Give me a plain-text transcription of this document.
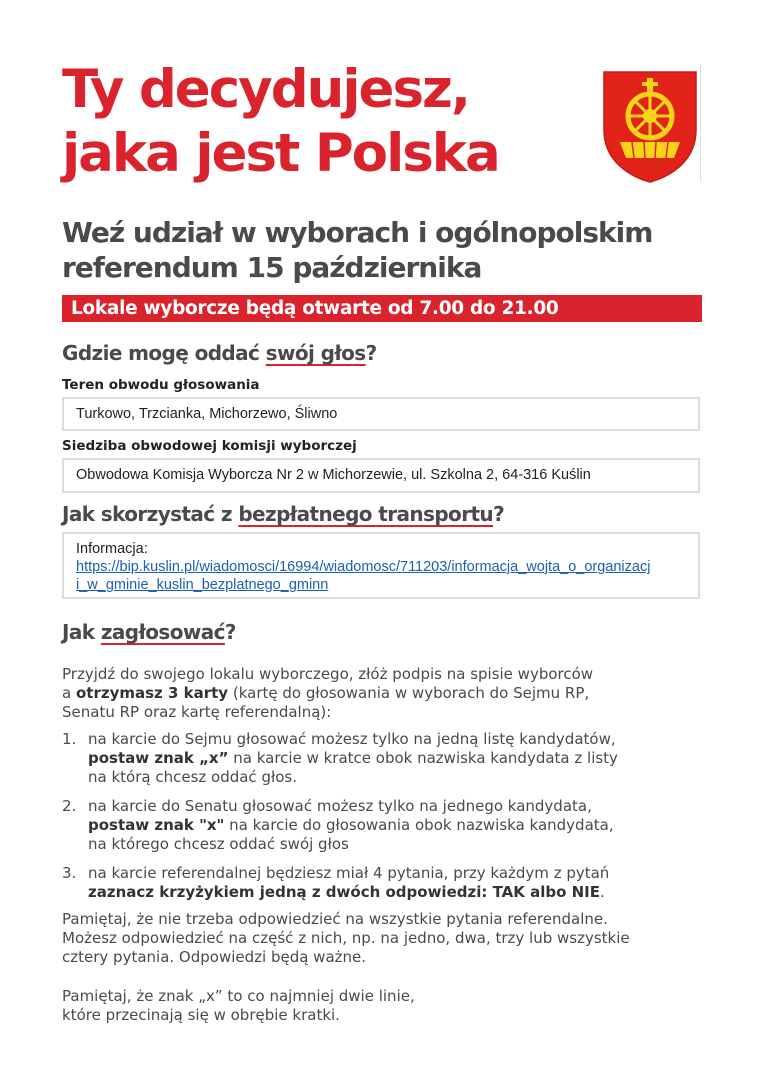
Ty decydujesz,
jaka jest Polska
Weź udział w wyborach i ogólnopolskim
referendum 15 października
Lokale wyborcze będą otwarte od 7.00 do 21.00
Gdzie mogę oddać swój głos?
Teren obwodu głosowania
Turkowo, Trzcianka, Michorzewo, Śliwno
Siedziba obwodowej komisji wyborczej
Obwodowa Komisja Wyborcza Nr 2 w Michorzewie, ul. Szkolna 2, 64-316 Kuślin
Jak skorzystać z bezpłatnego transportu?
Informacja:
https://bip.kuslin.pl/wiadomosci/16994/wiadomosc/711203/informacja_wojta_o_organizacj
i_w_gminie_kuslin_bezplatnego_gminn
Jak zagłosować?

Przyjdź do swojego lokalu wyborczego, złóż podpis na spisie wyborców
a otrzymasz 3 karty (kartę do głosowania w wyborach do Sejmu RP,
Senatu RP oraz kartę referendalną):

1. na karcie do Sejmu głosować możesz tylko na jedną listę kandydatów,
postaw znak „x” na karcie w kratce obok nazwiska kandydata z listy
na którą chcesz oddać głos.
2. na karcie do Senatu głosować możesz tylko na jednego kandydata,
postaw znak "x" na karcie do głosowania obok nazwiska kandydata,
na którego chcesz oddać swój głos
3. na karcie referendalnej będziesz miał 4 pytania, przy każdym z pytań
zaznacz krzyżykiem jedną z dwóch odpowiedzi: TAK albo NIE.

Pamiętaj, że nie trzeba odpowiedzieć na wszystkie pytania referendalne.
Możesz odpowiedzieć na część z nich, np. na jedno, dwa, trzy lub wszystkie
cztery pytania. Odpowiedzi będą ważne.

Pamiętaj, że znak „x” to co najmniej dwie linie,
które przecinają się w obrębie kratki.
